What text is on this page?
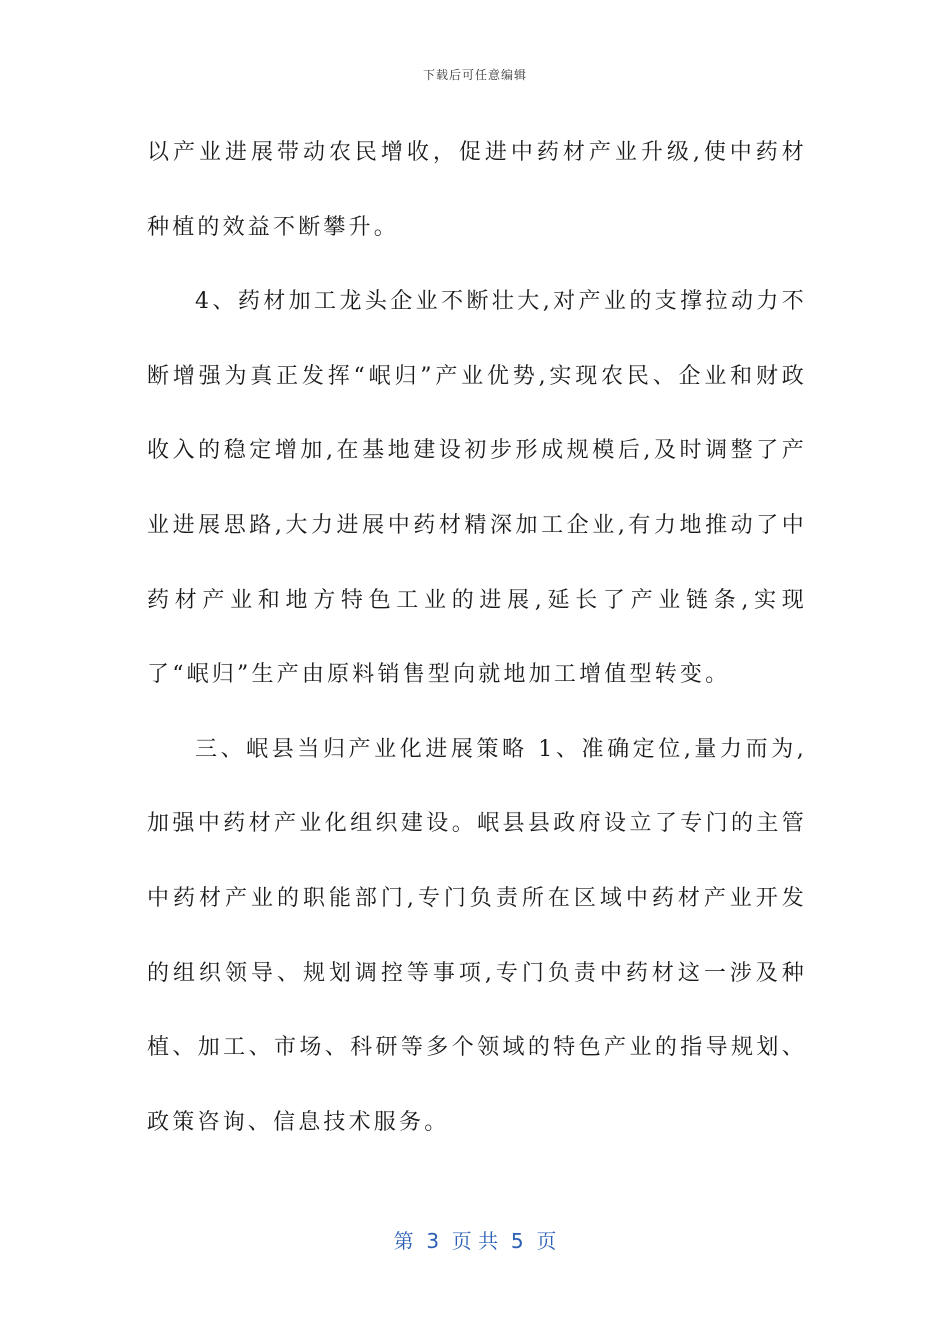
下载后可任意编辑

以产业进展带动农民增收，促进中药材产业升级,使中药材种植的效益不断攀升。

4、药材加工龙头企业不断壮大,对产业的支撑拉动力不断增强为真正发挥“岷归”产业优势,实现农民、企业和财政收入的稳定增加,在基地建设初步形成规模后,及时调整了产业进展思路,大力进展中药材精深加工企业,有力地推动了中药材产业和地方特色工业的进展,延长了产业链条,实现了“岷归”生产由原料销售型向就地加工增值型转变。

三、岷县当归产业化进展策略 1、准确定位,量力而为,加强中药材产业化组织建设。岷县县政府设立了专门的主管中药材产业的职能部门,专门负责所在区域中药材产业开发的组织领导、规划调控等事项,专门负责中药材这一涉及种植、加工、市场、科研等多个领域的特色产业的指导规划、政策咨询、信息技术服务。

第  3  页 共  5  页
